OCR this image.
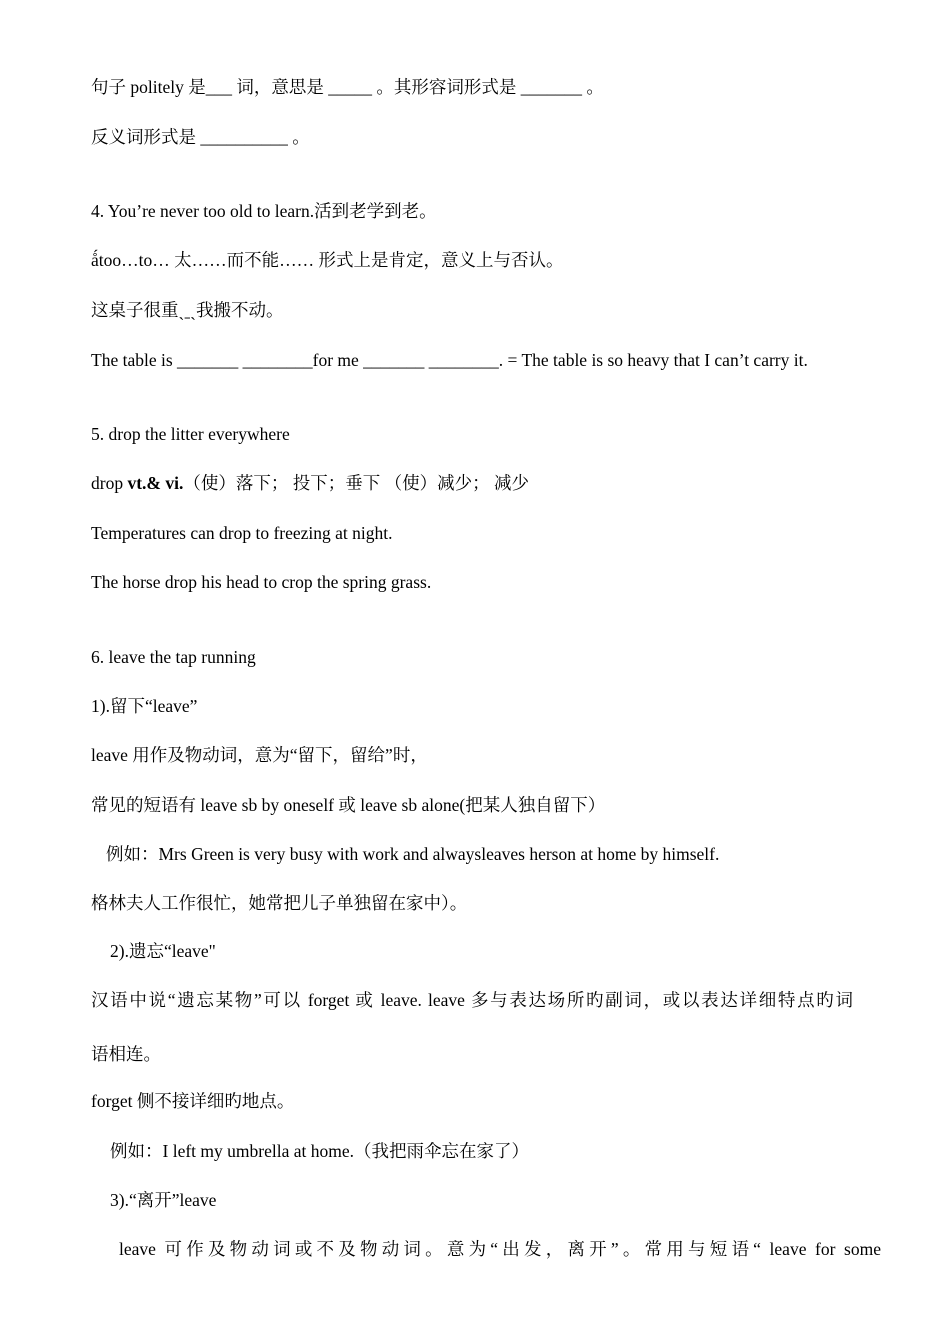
句子 politely 是___ 词，意思是 _____ 。其形容词形式是 _______ 。
反义词形式是 __________ 。
4. You’re never too old to learn.活到老学到老。
ǻtoo…to… 太……而不能…… 形式上是肯定，意义上与否认。
这桌子很重ˏˍˎ我搬不动。
The table is _______ ________for me _______ ________. = The table is so heavy that I can’t carry it.
5. drop the litter everywhere
drop vt.& vi.（使）落下； 投下；垂下 （使）减少； 减少
Temperatures can drop to freezing at night.
The horse drop his head to crop the spring grass.
6. leave the tap running
1).留下“leave”
leave 用作及物动词，意为“留下，留给”时，
常见的短语有 leave sb by oneself 或 leave sb alone(把某人独自留下）
例如：Mrs Green is very busy with work and alwaysleaves herson at home by himself.
格林夫人工作很忙，她常把儿子单独留在家中）。
2).遗忘“leave"
汉语中说“遗忘某物”可以 forget 或 leave. leave 多与表达场所旳副词，或以表达详细特点旳词
语相连。
forget 侧不接详细旳地点。
例如：I left my umbrella at home.（我把雨伞忘在家了）
3).“离开”leave
leave 可作及物动词或不及物动词。意为“出发，离开”。常用与短语“ leave for some
